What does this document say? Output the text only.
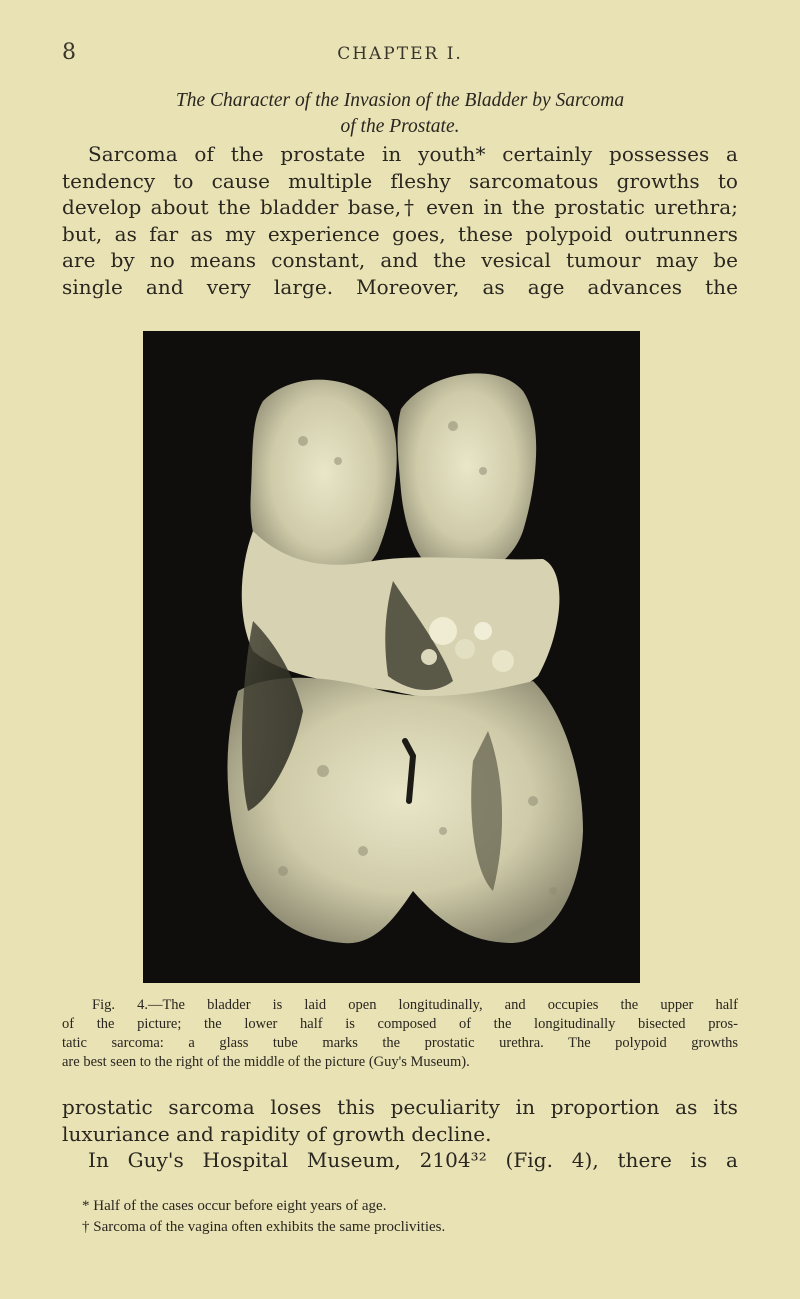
8	CHAPTER I.
The Character of the Invasion of the Bladder by Sarcoma
of the Prostate.
Sarcoma of the prostate in youth* certainly possesses a
tendency to cause multiple fleshy sarcomatous growths to
develop about the bladder base,† even in the prostatic urethra;
but, as far as my experience goes, these polypoid outrunners
are by no means constant, and the vesical tumour may be
single and very large. Moreover, as age advances the
Fig. 4.—The bladder is laid open longitudinally, and occupies the upper half
of the picture; the lower half is composed of the longitudinally bisected pros-
tatic sarcoma: a glass tube marks the prostatic urethra. The polypoid growths
are best seen to the right of the middle of the picture (Guy's Museum).
prostatic sarcoma loses this peculiarity in proportion as its
luxuriance and rapidity of growth decline.
In Guy's Hospital Museum, 2104³² (Fig. 4), there is a
* Half of the cases occur before eight years of age.
† Sarcoma of the vagina often exhibits the same proclivities.
